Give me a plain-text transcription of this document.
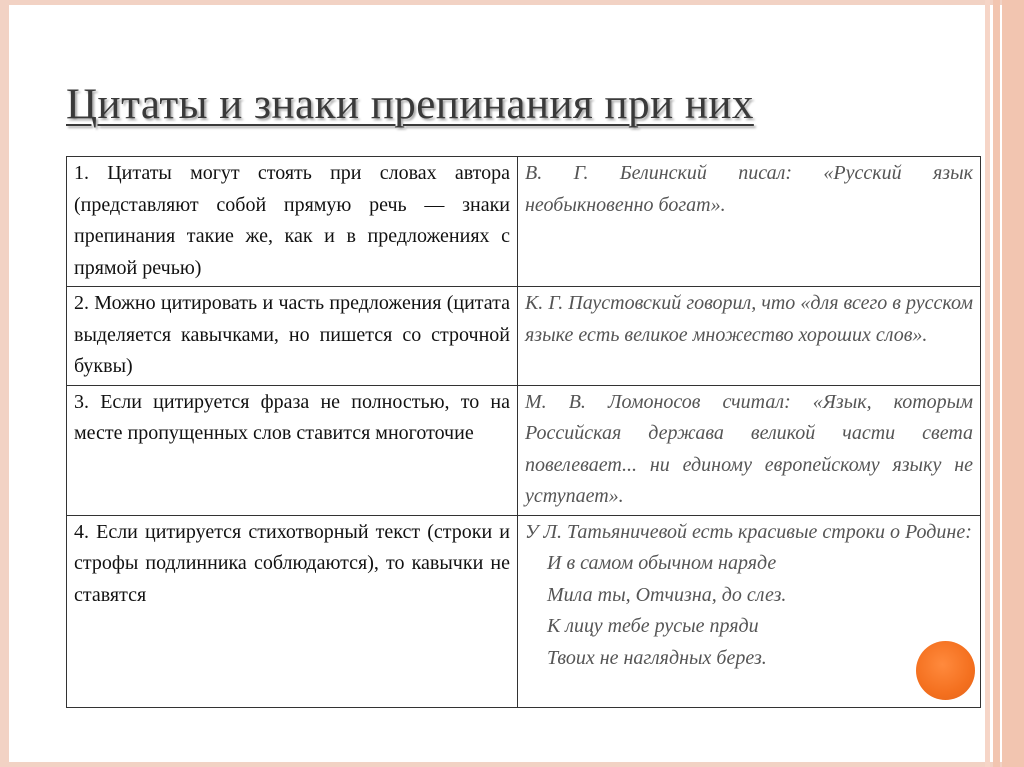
Цитаты и знаки препинания при них
1. Цитаты могут стоять при словах автора (представляют собой прямую речь — знаки препинания такие же, как и в предложениях с прямой речью)	В. Г. Белинский писал: «Русский язык необыкновенно богат».
2. Можно цитировать и часть предложения (цитата выделяется кавычками, но пишется со строчной буквы)	К. Г. Паустовский говорил, что «для всего в русском языке есть великое множество хороших слов».
3. Если цитируется фраза не полностью, то на месте пропущенных слов ставится многоточие	М. В. Ломоносов считал: «Язык, которым Российская держава великой части света повелевает... ни единому европейскому языку не уступает».
4. Если цитируется стихотворный текст (строки и строфы подлинника соблюдаются), то кавычки не ставятся	У Л. Татьяничевой есть красивые строки о Родине:
И в самом обычном наряде
Мила ты, Отчизна, до слез.
К лицу тебе русые пряди
Твоих не наглядных берез.
